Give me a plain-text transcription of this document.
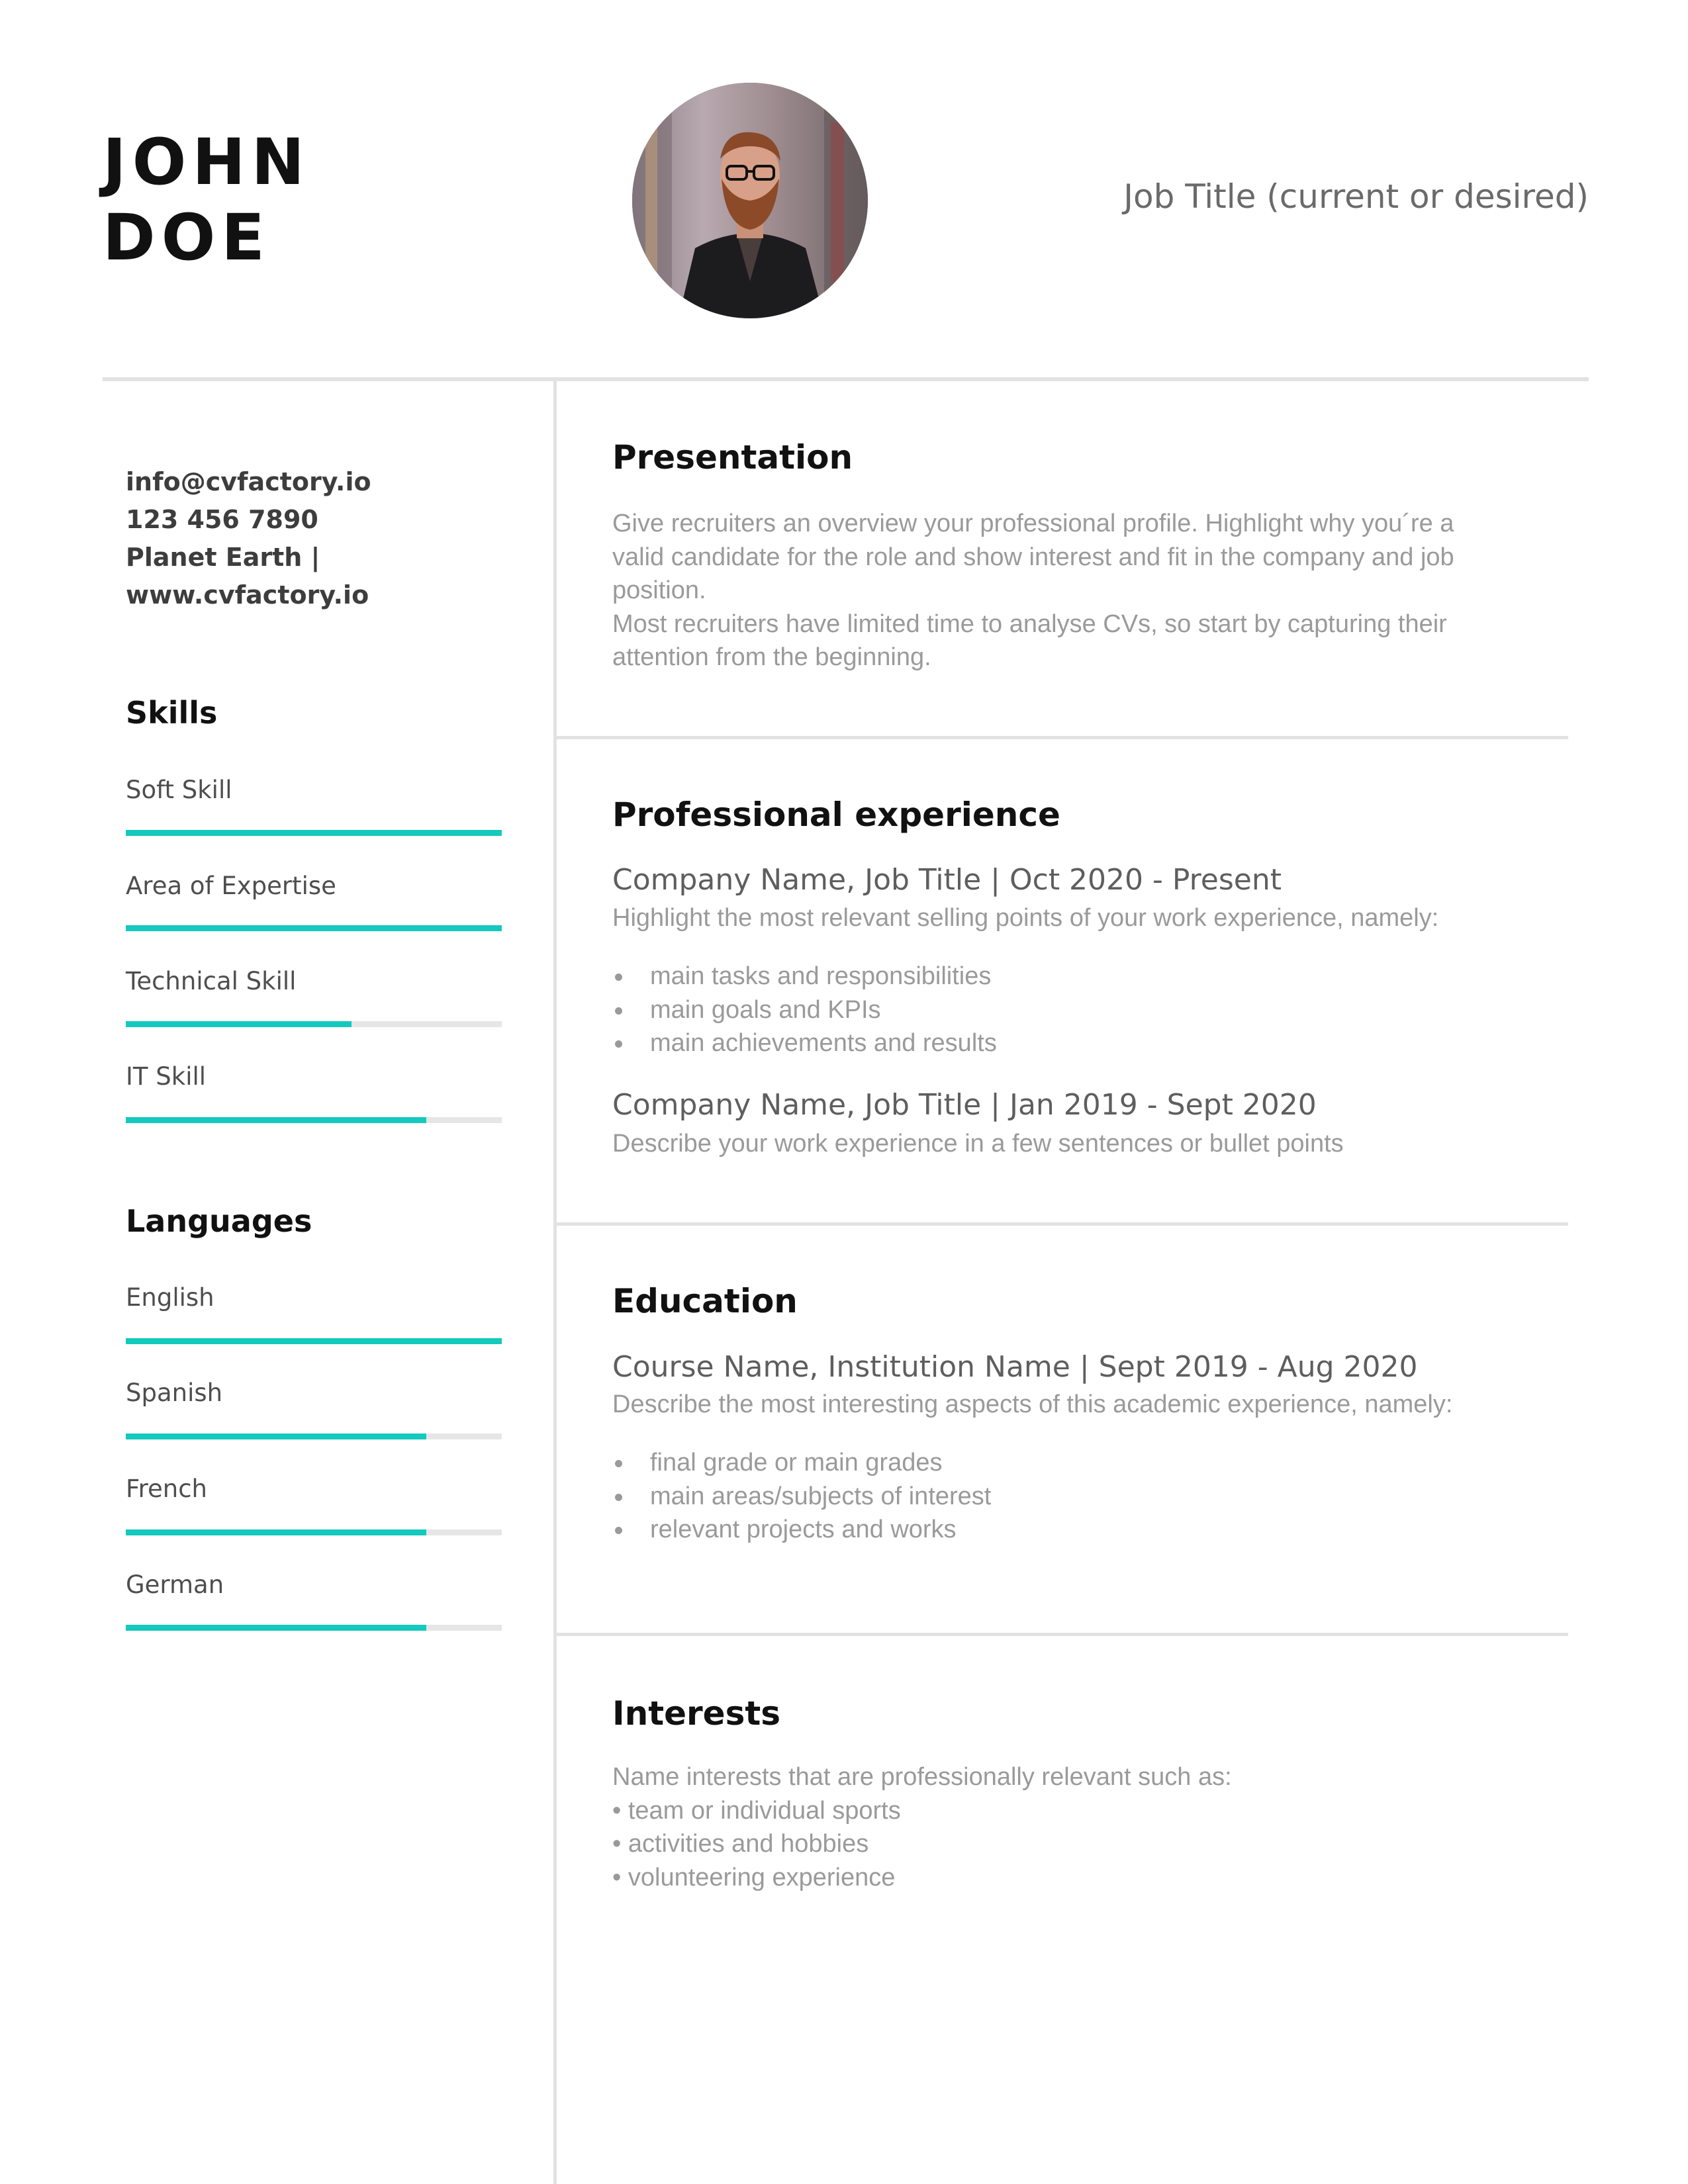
JOHN
DOE
Job Title (current or desired)
info@cvfactory.io
123 456 7890
Planet Earth |
www.cvfactory.io
Skills
Soft Skill
Area of Expertise
Technical Skill
IT Skill
Languages
English
Spanish
French
German
Presentation
Give recruiters an overview your professional profile. Highlight why you´re a
valid candidate for the role and show interest and fit in the company and job
position.
Most recruiters have limited time to analyse CVs, so start by capturing their
attention from the beginning.
Professional experience
Company Name, Job Title | Oct 2020 - Present
Highlight the most relevant selling points of your work experience, namely:
main tasks and responsibilities
main goals and KPIs
main achievements and results
Company Name, Job Title | Jan 2019 - Sept 2020
Describe your work experience in a few sentences or bullet points
Education
Course Name, Institution Name | Sept 2019 - Aug 2020
Describe the most interesting aspects of this academic experience, namely:
final grade or main grades
main areas/subjects of interest
relevant projects and works
Interests
Name interests that are professionally relevant such as:
• team or individual sports
• activities and hobbies
• volunteering experience
